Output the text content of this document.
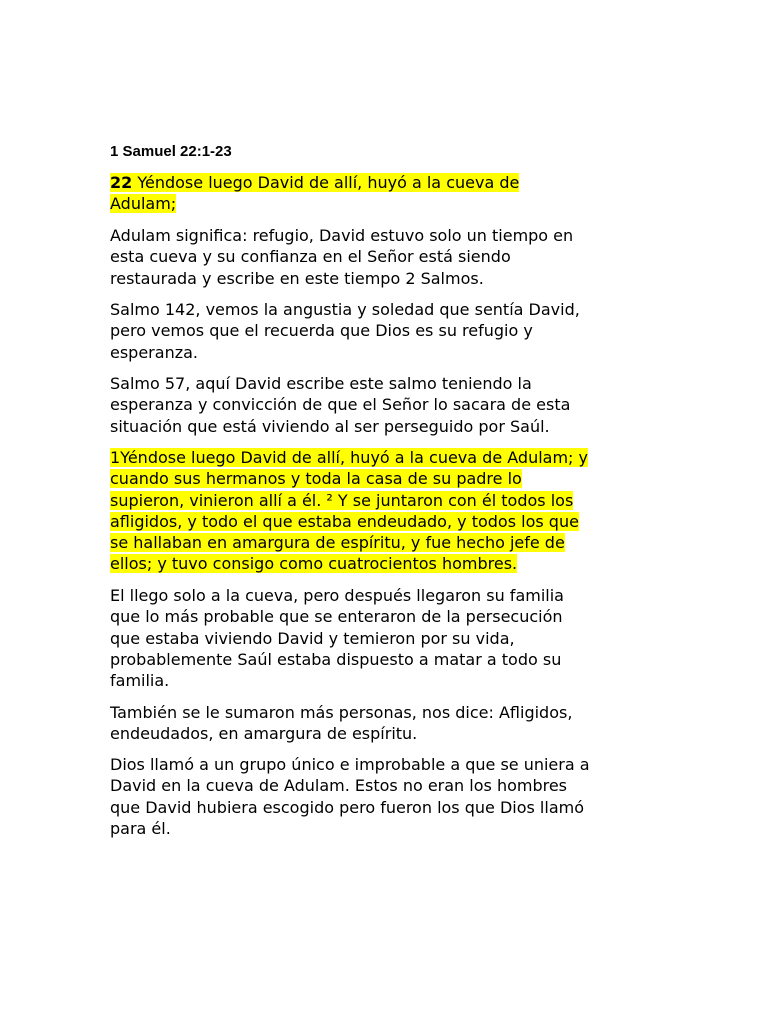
1 Samuel 22:1-23
22 Yéndose luego David de allí, huyó a la cueva de
Adulam;
Adulam significa: refugio, David estuvo solo un tiempo en
esta cueva y su confianza en el Señor está siendo
restaurada y escribe en este tiempo 2 Salmos.
Salmo 142, vemos la angustia y soledad que sentía David,
pero vemos que el recuerda que Dios es su refugio y
esperanza.
Salmo 57, aquí David escribe este salmo teniendo la
esperanza y convicción de que el Señor lo sacara de esta
situación que está viviendo al ser perseguido por Saúl.
1Yéndose luego David de allí, huyó a la cueva de Adulam; y
cuando sus hermanos y toda la casa de su padre lo
supieron, vinieron allí a él. ² Y se juntaron con él todos los
afligidos, y todo el que estaba endeudado, y todos los que
se hallaban en amargura de espíritu, y fue hecho jefe de
ellos; y tuvo consigo como cuatrocientos hombres.
El llego solo a la cueva, pero después llegaron su familia
que lo más probable que se enteraron de la persecución
que estaba viviendo David y temieron por su vida,
probablemente Saúl estaba dispuesto a matar a todo su
familia.
También se le sumaron más personas, nos dice: Afligidos,
endeudados, en amargura de espíritu.
Dios llamó a un grupo único e improbable a que se uniera a
David en la cueva de Adulam. Estos no eran los hombres
que David hubiera escogido pero fueron los que Dios llamó
para él.
